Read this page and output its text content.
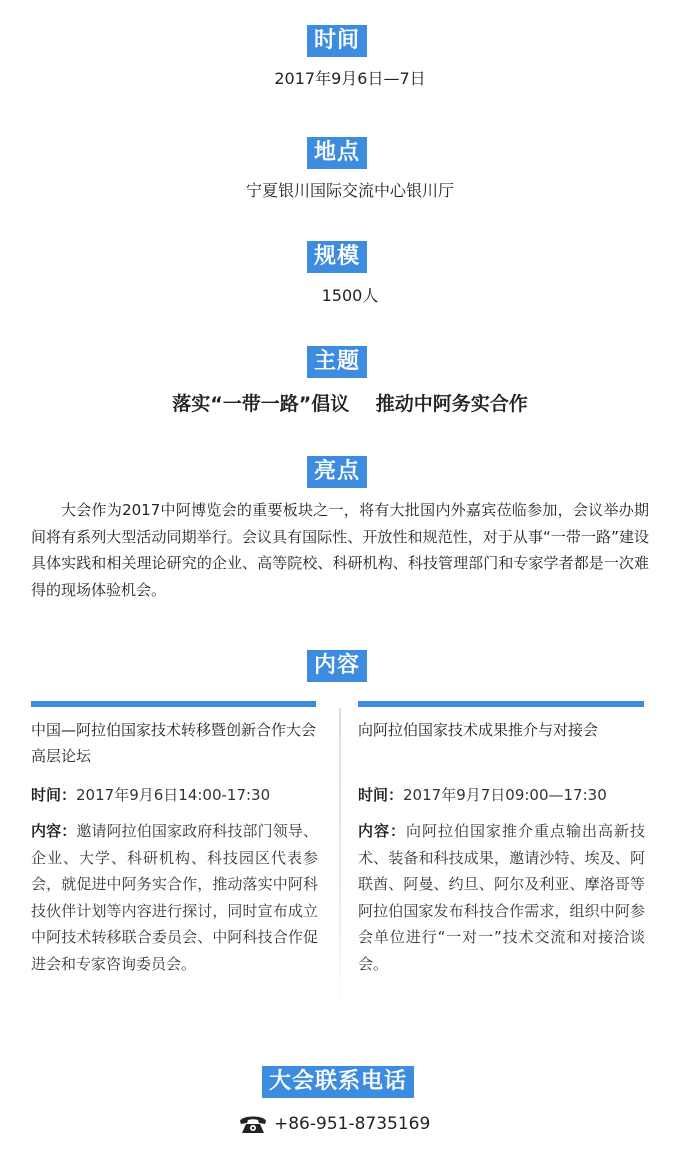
时间
2017年9月6日—7日
地点
宁夏银川国际交流中心银川厅
规模
1500人
主题
落实“一带一路”倡议    推动中阿务实合作
亮点

大会作为2017中阿博览会的重要板块之一，将有大批国内外嘉宾莅临参加，会议举办期间将有系列大型活动同期举行。会议具有国际性、开放性和规范性，对于从事“一带一路”建设具体实践和相关理论研究的企业、高等院校、科研机构、科技管理部门和专家学者都是一次难得的现场体验机会。

内容
中国—阿拉伯国家技术转移暨创新合作大会高层论坛
时间：2017年9月6日14:00-17:30
内容：邀请阿拉伯国家政府科技部门领导、企业、大学、科研机构、科技园区代表参会，就促进中阿务实合作，推动落实中阿科技伙伴计划等内容进行探讨，同时宣布成立中阿技术转移联合委员会、中阿科技合作促进会和专家咨询委员会。
向阿拉伯国家技术成果推介与对接会
时间：2017年9月7日09:00—17:30
内容：向阿拉伯国家推介重点输出高新技术、装备和科技成果，邀请沙特、埃及、阿联酋、阿曼、约旦、阿尔及利亚、摩洛哥等阿拉伯国家发布科技合作需求，组织中阿参会单位进行“一对一”技术交流和对接洽谈会。
大会联系电话
+86-951-8735169
